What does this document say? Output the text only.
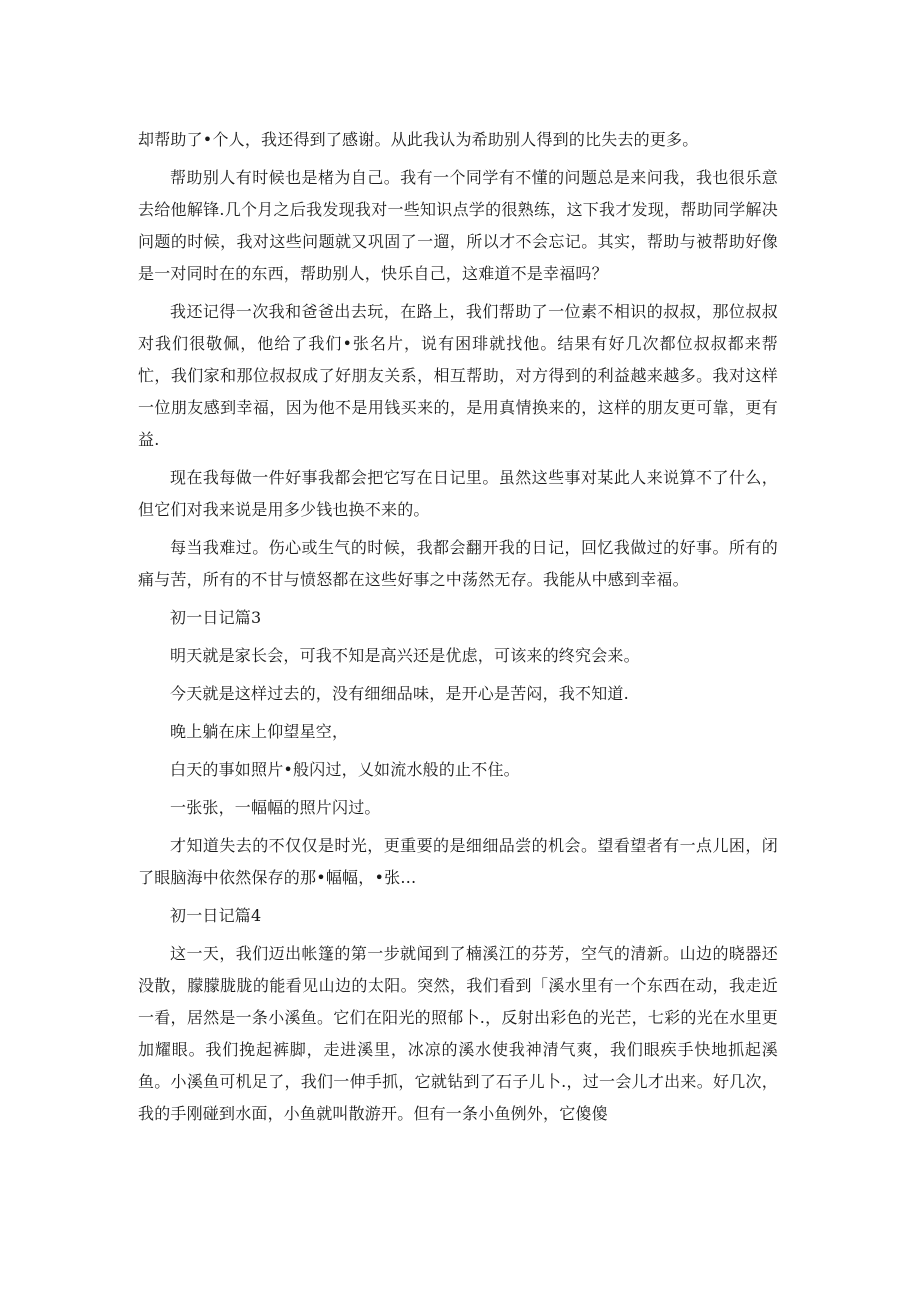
却帮助了•个人，我还得到了感谢。从此我认为希助别人得到的比失去的更多。

帮助别人有时候也是楮为自己。我有一个同学有不懂的问题总是来问我，我也很乐意去给他解锋.几个月之后我发现我对一些知识点学的很熟练，这下我才发现，帮助同学解决问题的时候，我对这些问题就又巩固了一遛，所以才不会忘记。其实，帮助与被帮助好像是一对同时在的东西，帮助别人，快乐自己，这难道不是幸福吗？

我还记得一次我和爸爸出去玩，在路上，我们帮助了一位素不相识的叔叔，那位叔叔对我们很敬佩，他给了我们•张名片，说有困琲就找他。结果有好几次都位叔叔都来帮忙，我们家和那位叔叔成了好朋友关系，相互帮助，对方得到的利益越来越多。我对这样一位朋友感到幸福，因为他不是用钱买来的，是用真情换来的，这样的朋友更可靠，更有益.

现在我每做一件好事我都会把它写在日记里。虽然这些事对某此人来说算不了什么，但它们对我来说是用多少钱也换不来的。

每当我难过。伤心或生气的时候，我都会翻开我的日记，回忆我做过的好事。所有的痛与苦，所有的不甘与愤怒都在这些好事之中荡然无存。我能从中感到幸福。

初一日记篇3

明天就是家长会，可我不知是高兴还是优虑，可该来的终究会来。

今天就是这样过去的，没有细细品味，是开心是苦闷，我不知道.

晚上躺在床上仰望星空，

白天的事如照片•般闪过，乂如流水般的止不住。

一张张，一幅幅的照片闪过。

才知道失去的不仅仅是时光，更重要的是细细品尝的机会。望看望者有一点儿困，闭了眼脑海中依然保存的那•幅幅，•张…

初一日记篇4

这一天，我们迈出帐篷的第一步就闻到了楠溪江的芬芳，空气的清新。山边的晓器还没散，朦朦胧胧的能看见山边的太阳。突然，我们看到「溪水里有一个东西在动，我走近一看，居然是一条小溪鱼。它们在阳光的照郁卜.，反射出彩色的光芒，七彩的光在水里更加耀眼。我们挽起裤脚，走进溪里，冰凉的溪水使我神清气爽，我们眼疾手快地抓起溪鱼。小溪鱼可机足了，我们一伸手抓，它就钻到了石子儿卜.，过一会儿才出来。好几次，我的手刚碰到水面，小鱼就叫散游开。但有一条小鱼例外，它傻傻
